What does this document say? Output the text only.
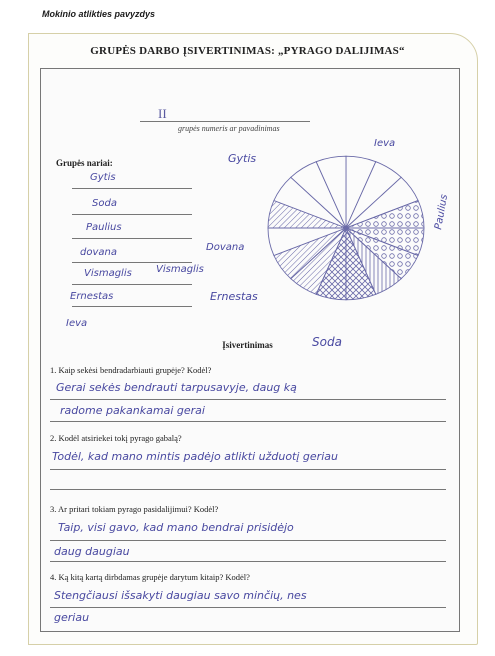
Mokinio atlikties pavyzdys
GRUPĖS DARBO ĮSIVERTINIMAS: „PYRAGO DALIJIMAS“
II
grupės numeris ar pavadinimas
Grupės nariai:
Gytis
Soda
Paulius
dovana
Vismaglis
Ernestas
Ieva
Gytis
Vismaglis
Dovana
Ieva
Paulius
Ernestas
Soda
Įsivertinimas
1. Kaip sekėsi bendradarbiauti grupėje? Kodėl?
Gerai sekės bendrauti tarpusavyje, daug ką
radome pakankamai gerai
2. Kodėl atsiriekei tokį pyrago gabalą?
Todėl, kad mano mintis padėjo atlikti užduotį geriau
3. Ar pritari tokiam pyrago pasidalijimui? Kodėl?
Taip, visi gavo, kad mano bendrai prisidėjo
daug daugiau
4. Ką kitą kartą dirbdamas grupėje darytum kitaip? Kodėl?
Stengčiausi išsakyti daugiau savo minčių, nes
geriau
